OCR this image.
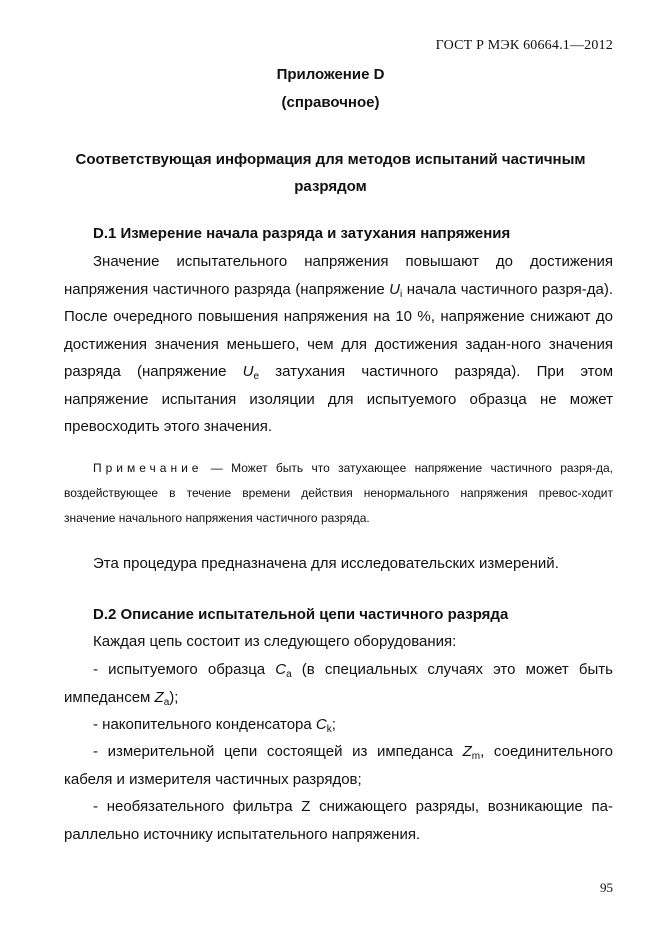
ГОСТ Р МЭК 60664.1—2012
Приложение D
(справочное)
Соответствующая информация для методов испытаний частичным разрядом
D.1 Измерение начала разряда и затухания напряжения

Значение испытательного напряжения повышают до достижения напряжения частичного разряда (напряжение $U_i$ начала частичного разря-да). После очередного повышения напряжения на 10 %, напряжение снижают до достижения значения меньшего, чем для достижения задан-ного значения разряда (напряжение $U_e$ затухания частичного разряда). При этом напряжение испытания изоляции для испытуемого образца не может превосходить этого значения.

Примечание — Может быть что затухающее напряжение частичного разря-да, воздействующее в течение времени действия ненормального напряжения превос-ходит значение начального напряжения частичного разряда.

Эта процедура предназначена для исследовательских измерений.

D.2 Описание испытательной цепи частичного разряда

Каждая цепь состоит из следующего оборудования:

- испытуемого образца $C_a$ (в специальных случаях это может быть импедансем $Z_a$);

- накопительного конденсатора $C_k$;

- измерительной цепи состоящей из импеданса $Z_m$, соединительного кабеля и измерителя частичных разрядов;

- необязательного фильтра Z снижающего разряды, возникающие па-раллельно источнику испытательного напряжения.

95
